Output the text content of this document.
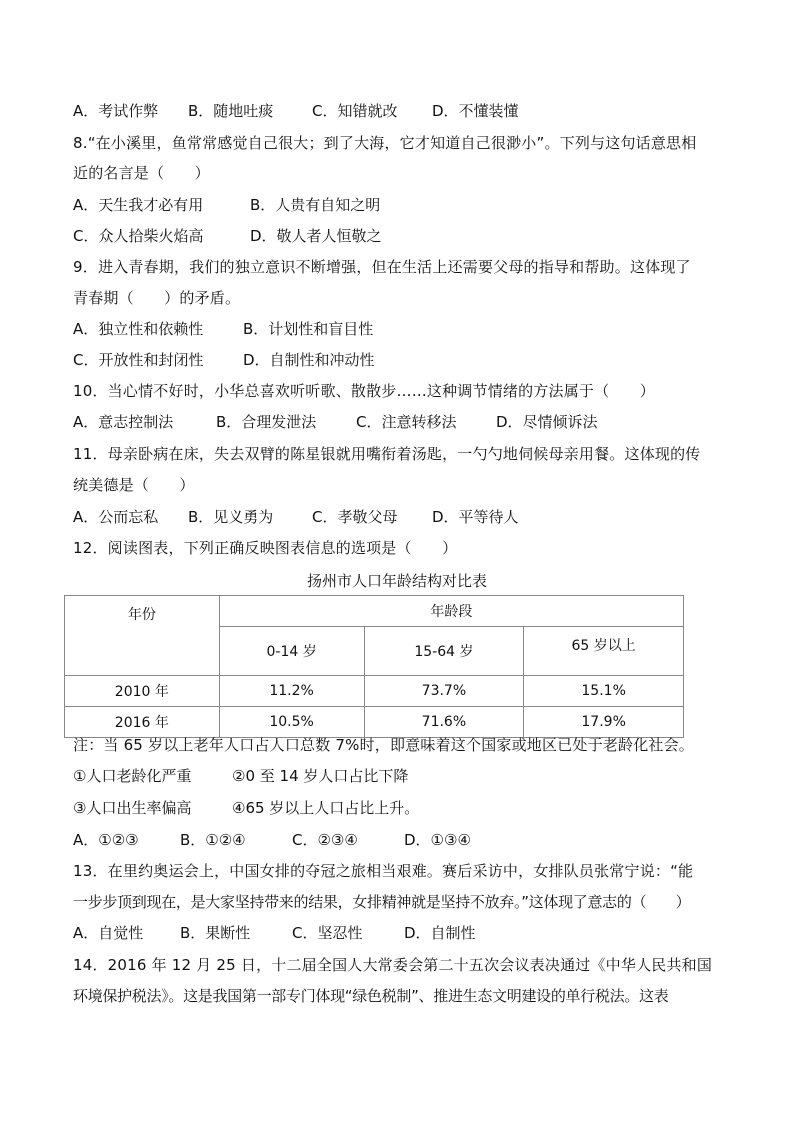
A．考试作弊 B．随地吐痰	C．知错就改 D．不懂装懂
8.“在小溪里，鱼常常感觉自己很大；到了大海，它才知道自己很渺小”。下列与这句话意思相
近的名言是（　　）
A．天生我才必有用	B．人贵有自知之明
C．众人拾柴火焰高	D．敬人者人恒敬之
9．进入青春期，我们的独立意识不断增强，但在生活上还需要父母的指导和帮助。这体现了
青春期（　　）的矛盾。
A．独立性和依赖性	B．计划性和盲目性
C．开放性和封闭性	D．自制性和冲动性
10．当心情不好时，小华总喜欢听听歌、散散步……这种调节情绪的方法属于（　　）
A．意志控制法	B．合理发泄法	C．注意转移法	D．尽情倾诉法
11．母亲卧病在床，失去双臂的陈星银就用嘴衔着汤匙，一勺勺地伺候母亲用餐。这体现的传
统美德是（　　）
A．公而忘私 B．见义勇为	C．孝敬父母 D．平等待人
12．阅读图表，下列正确反映图表信息的选项是（　　）
扬州市人口年龄结构对比表
年份	年龄段		
	0-14 岁	15-64 岁	65 岁以上
2010 年	11.2%	73.7%	15.1%
2016 年	10.5%	71.6%	17.9%
注：当 65 岁以上老年人口占人口总数 7%时，即意味着这个国家或地区已处于老龄化社会。
①人口老龄化严重	②0 至 14 岁人口占比下降
③人口出生率偏高	④65 岁以上人口占比上升。
A．①②③	B．①②④	C．②③④	D．①③④
13．在里约奥运会上，中国女排的夺冠之旅相当艰难。赛后采访中，女排队员张常宁说：“能
一步步顶到现在，是大家坚持带来的结果，女排精神就是坚持不放弃。”这体现了意志的（　　）
A．自觉性 B．果断性	C．坚忍性	D．自制性
14．2016 年 12 月 25 日，十二届全国人大常委会第二十五次会议表决通过《中华人民共和国
环境保护税法》。这是我国第一部专门体现“绿色税制”、推进生态文明建设的单行税法。这表
